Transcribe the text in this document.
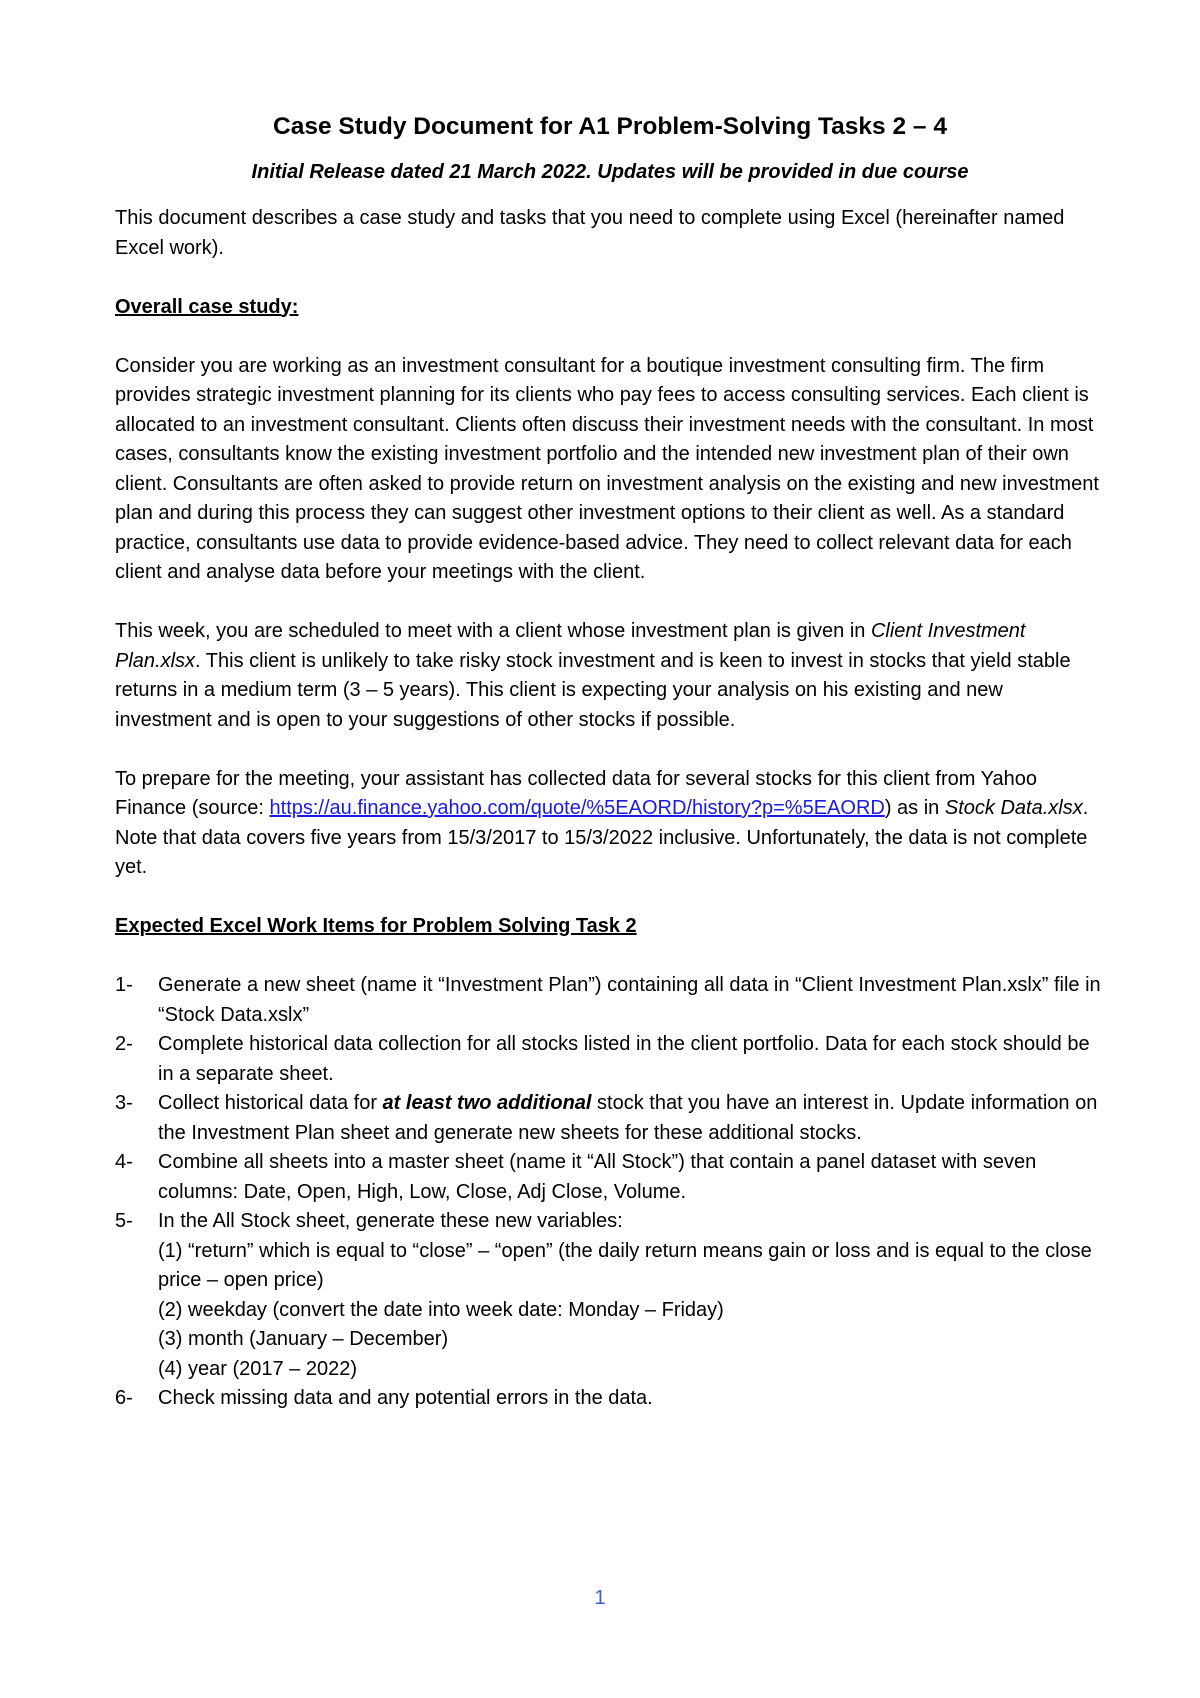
Case Study Document for A1 Problem-Solving Tasks 2 – 4
Initial Release dated 21 March 2022. Updates will be provided in due course

This document describes a case study and tasks that you need to complete using Excel (hereinafter named Excel work).

Overall case study:

Consider you are working as an investment consultant for a boutique investment consulting firm. The firm provides strategic investment planning for its clients who pay fees to access consulting services. Each client is allocated to an investment consultant. Clients often discuss their investment needs with the consultant. In most cases, consultants know the existing investment portfolio and the intended new investment plan of their own client. Consultants are often asked to provide return on investment analysis on the existing and new investment plan and during this process they can suggest other investment options to their client as well. As a standard practice, consultants use data to provide evidence-based advice. They need to collect relevant data for each client and analyse data before your meetings with the client.

This week, you are scheduled to meet with a client whose investment plan is given in Client Investment Plan.xlsx. This client is unlikely to take risky stock investment and is keen to invest in stocks that yield stable returns in a medium term (3 – 5 years). This client is expecting your analysis on his existing and new investment and is open to your suggestions of other stocks if possible.

To prepare for the meeting, your assistant has collected data for several stocks for this client from Yahoo Finance (source: https://au.finance.yahoo.com/quote/%5EAORD/history?p=%5EAORD) as in Stock Data.xlsx. Note that data covers five years from 15/3/2017 to 15/3/2022 inclusive. Unfortunately, the data is not complete yet.

Expected Excel Work Items for Problem Solving Task 2
1- Generate a new sheet (name it “Investment Plan”) containing all data in “Client Investment Plan.xslx” file in “Stock Data.xslx”
2- Complete historical data collection for all stocks listed in the client portfolio. Data for each stock should be in a separate sheet.
3- Collect historical data for at least two additional stock that you have an interest in. Update information on the Investment Plan sheet and generate new sheets for these additional stocks.
4- Combine all sheets into a master sheet (name it “All Stock”) that contain a panel dataset with seven columns: Date, Open, High, Low, Close, Adj Close, Volume.
5- In the All Stock sheet, generate these new variables:
(1) “return” which is equal to “close” – “open” (the daily return means gain or loss and is equal to the close price – open price)
(2) weekday (convert the date into week date: Monday – Friday)
(3) month (January – December)
(4) year (2017 – 2022)
6- Check missing data and any potential errors in the data.
1
